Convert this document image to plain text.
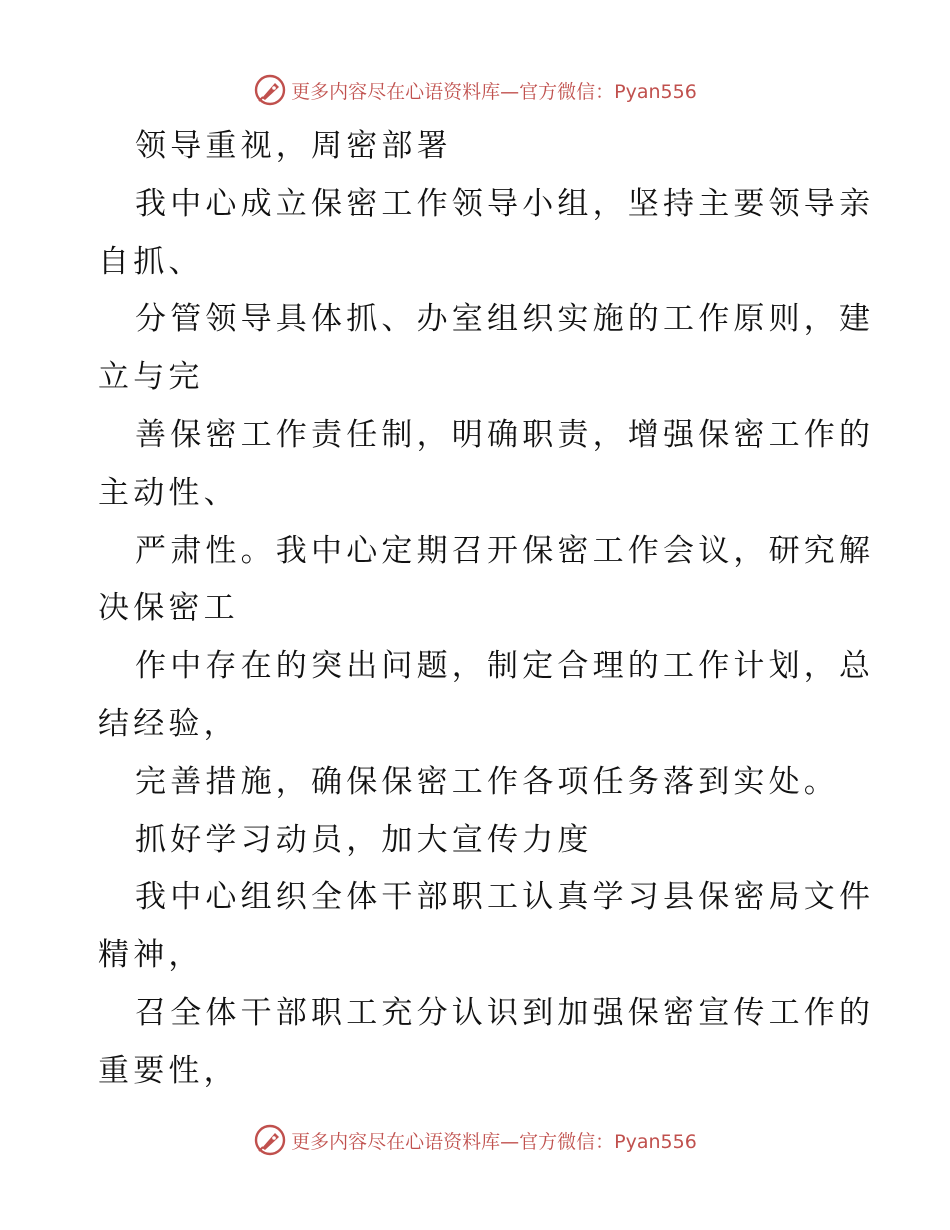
更多内容尽在心语资料库—官方微信：Pyan556
领导重视，周密部署
我中心成立保密工作领导小组，坚持主要领导亲
自抓、
分管领导具体抓、办室组织实施的工作原则，建
立与完
善保密工作责任制，明确职责，增强保密工作的
主动性、
严肃性。我中心定期召开保密工作会议，研究解
决保密工
作中存在的突出问题，制定合理的工作计划，总
结经验，
完善措施，确保保密工作各项任务落到实处。
抓好学习动员，加大宣传力度
我中心组织全体干部职工认真学习县保密局文件
精神，
召全体干部职工充分认识到加强保密宣传工作的
重要性，
更多内容尽在心语资料库—官方微信：Pyan556
